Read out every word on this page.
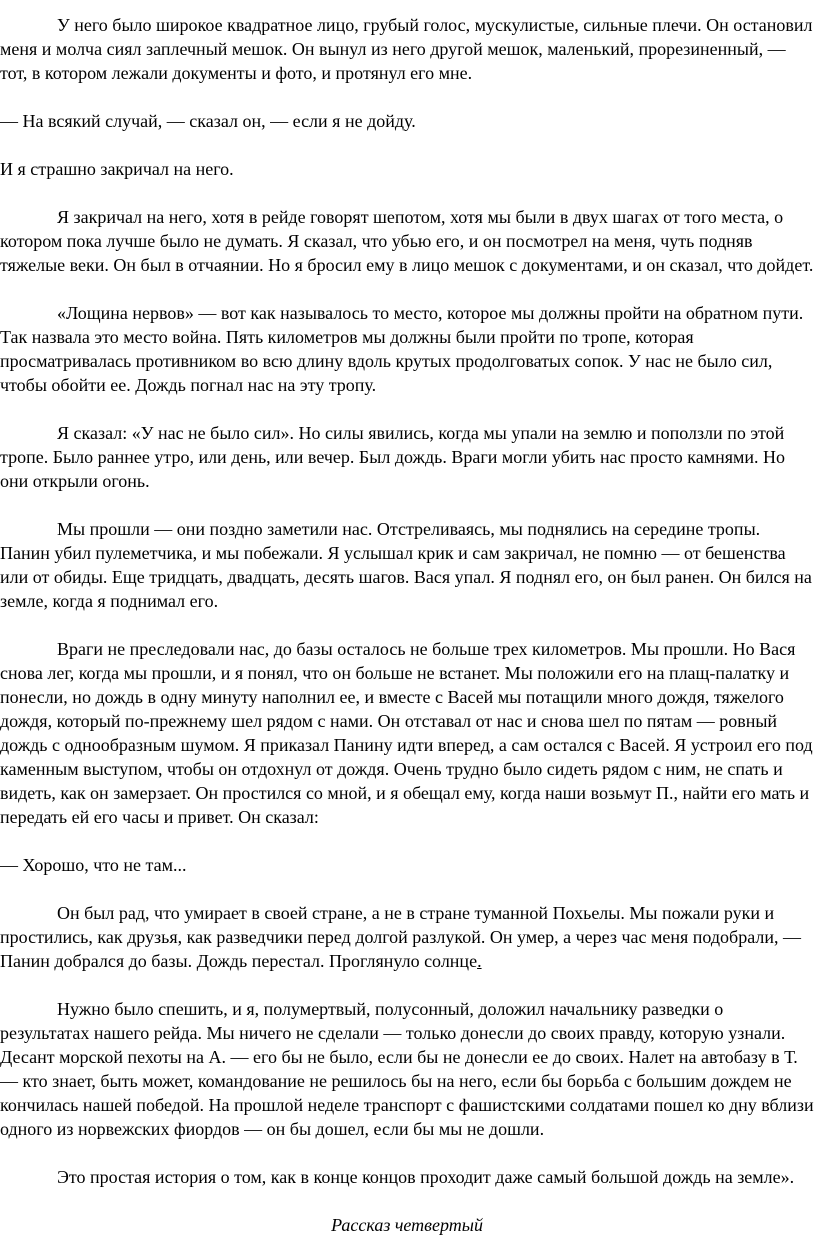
У него было широкое квадратное лицо, грубый голос, мускулистые, сильные плечи. Он остановил меня и молча сиял заплечный мешок. Он вынул из него другой мешок, маленький, прорезиненный, — тот, в котором лежали документы и фото, и протянул его мне.

— На всякий случай, — сказал он, — если я не дойду.

И я страшно закричал на него.

Я закричал на него, хотя в рейде говорят шепотом, хотя мы были в двух шагах от того места, о котором пока лучше было не думать. Я сказал, что убью его, и он посмотрел на меня, чуть подняв тяжелые веки. Он был в отчаянии. Но я бросил ему в лицо мешок с документами, и он сказал, что дойдет.

«Лощина нервов» — вот как называлось то место, которое мы должны пройти на обратном пути. Так назвала это место война. Пять километров мы должны были пройти по тропе, которая просматривалась противником во всю длину вдоль крутых продолговатых сопок. У нас не было сил, чтобы обойти ее. Дождь погнал нас на эту тропу.

Я сказал: «У нас не было сил». Но силы явились, когда мы упали на землю и поползли по этой тропе. Было раннее утро, или день, или вечер. Был дождь. Враги могли убить нас просто камнями. Но они открыли огонь.

Мы прошли — они поздно заметили нас. Отстреливаясь, мы поднялись на середине тропы. Панин убил пулеметчика, и мы побежали. Я услышал крик и сам закричал, не помню — от бешенства или от обиды. Еще тридцать, двадцать, десять шагов. Вася упал. Я поднял его, он был ранен. Он бился на земле, когда я поднимал его.

Враги не преследовали нас, до базы осталось не больше трех километров. Мы прошли. Но Вася снова лег, когда мы прошли, и я понял, что он больше не встанет. Мы положили его на плащ-палатку и понесли, но дождь в одну минуту наполнил ее, и вместе с Васей мы потащили много дождя, тяжелого дождя, который по-прежнему шел рядом с нами. Он отставал от нас и снова шел по пятам — ровный дождь с однообразным шумом. Я приказал Панину идти вперед, а сам остался с Васей. Я устроил его под каменным выступом, чтобы он отдохнул от дождя. Очень трудно было сидеть рядом с ним, не спать и видеть, как он замерзает. Он простился со мной, и я обещал ему, когда наши возьмут П., найти его мать и передать ей его часы и привет. Он сказал:

— Хорошо, что не там...

Он был рад, что умирает в своей стране, а не в стране туманной Похьелы. Мы пожали руки и простились, как друзья, как разведчики перед долгой разлукой. Он умер, а через час меня подобрали, — Панин добрался до базы. Дождь перестал. Проглянуло солнце.

Нужно было спешить, и я, полумертвый, полусонный, доложил начальнику разведки о результатах нашего рейда. Мы ничего не сделали — только донесли до своих правду, которую узнали. Десант морской пехоты на А. — его бы не было, если бы не донесли ее до своих. Налет на автобазу в Т. — кто знает, быть может, командование не решилось бы на него, если бы борьба с большим дождем не кончилась нашей победой. На прошлой неделе транспорт с фашистскими солдатами пошел ко дну вблизи одного из норвежских фиордов — он бы дошел, если бы мы не дошли.

Это простая история о том, как в конце концов проходит даже самый большой дождь на земле».

Рассказ четвертый
